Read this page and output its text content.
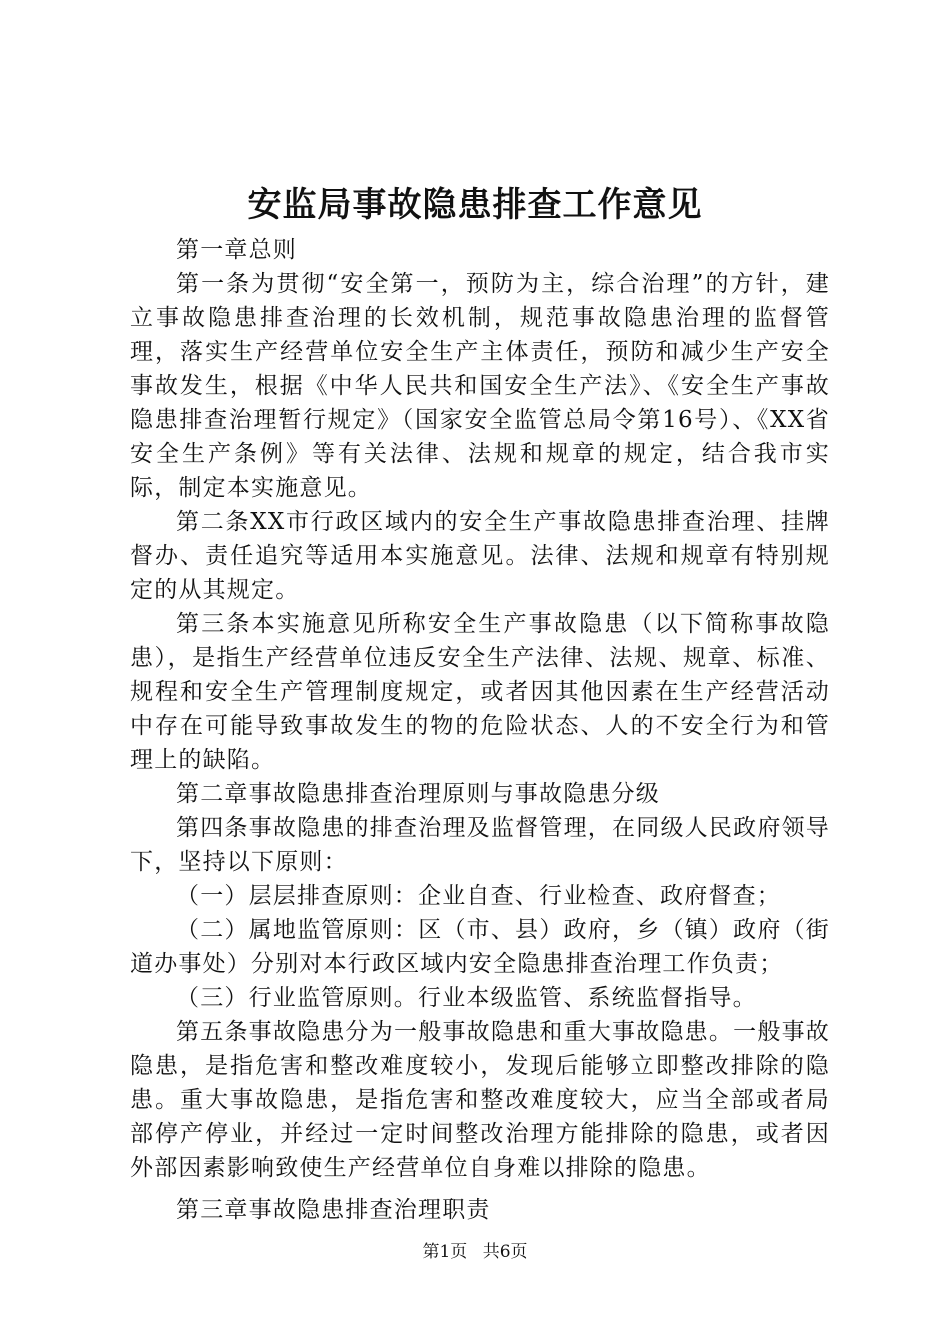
安监局事故隐患排查工作意见

第一章总则

第一条为贯彻“安全第一，预防为主，综合治理”的方针，建立事故隐患排查治理的长效机制，规范事故隐患治理的监督管理，落实生产经营单位安全生产主体责任，预防和减少生产安全事故发生，根据《中华人民共和国安全生产法》、《安全生产事故隐患排查治理暂行规定》（国家安全监管总局令第16号）、《XX省安全生产条例》等有关法律、法规和规章的规定，结合我市实际，制定本实施意见。

第二条XX市行政区域内的安全生产事故隐患排查治理、挂牌督办、责任追究等适用本实施意见。法律、法规和规章有特别规定的从其规定。

第三条本实施意见所称安全生产事故隐患（以下简称事故隐患），是指生产经营单位违反安全生产法律、法规、规章、标准、规程和安全生产管理制度规定，或者因其他因素在生产经营活动中存在可能导致事故发生的物的危险状态、人的不安全行为和管理上的缺陷。

第二章事故隐患排查治理原则与事故隐患分级

第四条事故隐患的排查治理及监督管理，在同级人民政府领导下，坚持以下原则：

（一）层层排查原则：企业自查、行业检查、政府督查；

（二）属地监管原则：区（市、县）政府，乡（镇）政府（街道办事处）分别对本行政区域内安全隐患排查治理工作负责；

（三）行业监管原则。行业本级监管、系统监督指导。

第五条事故隐患分为一般事故隐患和重大事故隐患。一般事故隐患，是指危害和整改难度较小，发现后能够立即整改排除的隐患。重大事故隐患，是指危害和整改难度较大，应当全部或者局部停产停业，并经过一定时间整改治理方能排除的隐患，或者因外部因素影响致使生产经营单位自身难以排除的隐患。

第三章事故隐患排查治理职责

第1页 共6页
